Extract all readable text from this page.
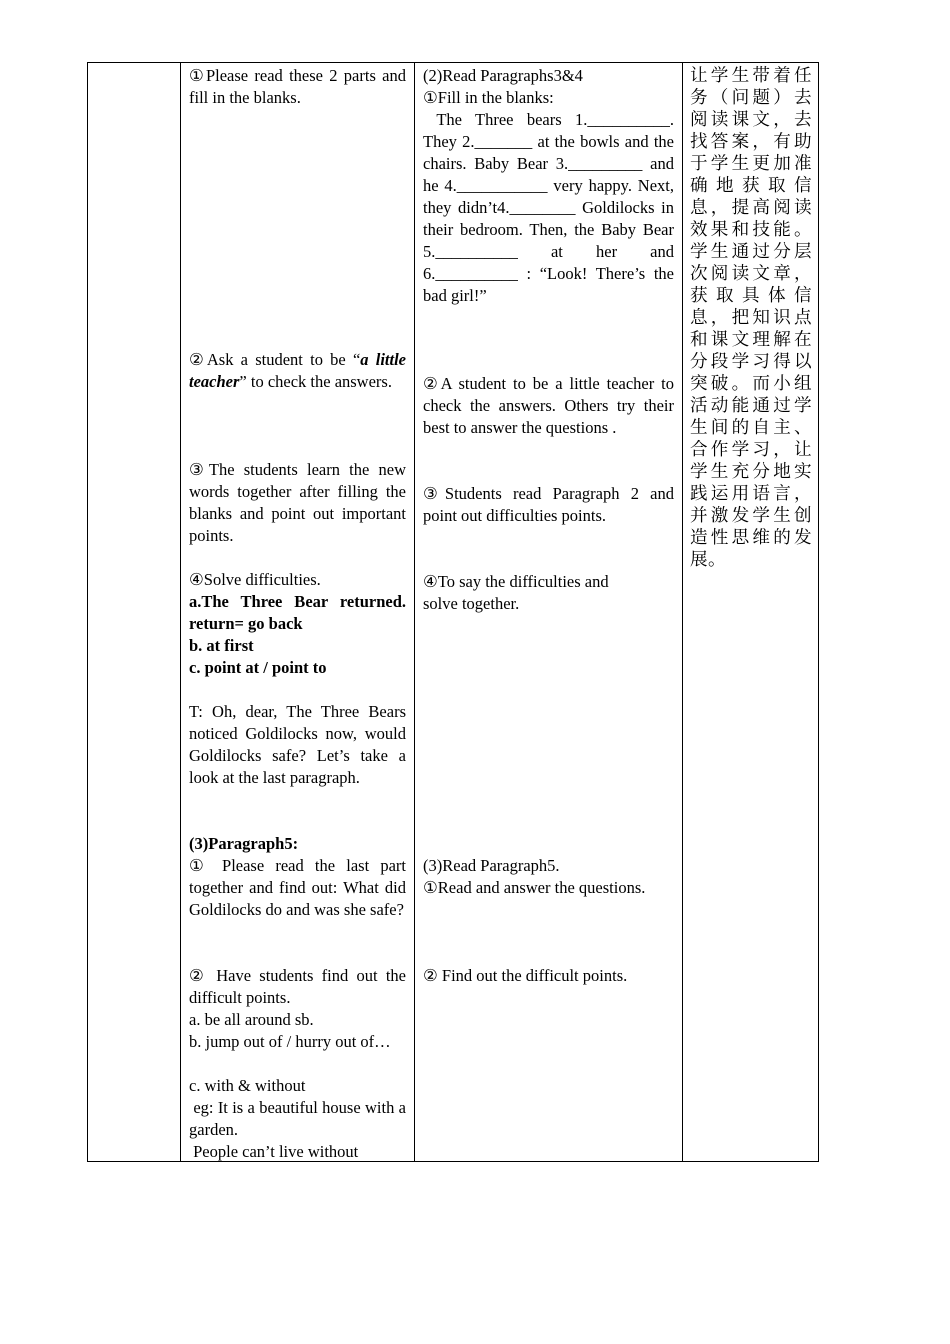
①Please read these 2 parts and fill in the blanks.

②Ask a student to be “a little teacher” to check the answers.

③The students learn the new words together after filling the blanks and point out important points.

④Solve difficulties.

a.The Three Bear returned. return= go back

b. at first

c. point at / point to

T: Oh, dear, The Three Bears noticed Goldilocks now, would Goldilocks safe? Let’s take a look at the last paragraph.

(3)Paragraph5:

① Please read the last part together and find out: What did Goldilocks do and was she safe?

② Have students find out the difficult points.

a. be all around sb.

b. jump out of / hurry out of…

c. with & without

eg: It is a beautiful house with a garden.

People can’t live without

(2)Read Paragraphs3&4

①Fill in the blanks:

The Three bears 1.__________. They 2._______ at the bowls and the chairs. Baby Bear 3._________ and he 4.___________ very happy. Next, they didn’t4.________ Goldilocks in their bedroom. Then, the Baby Bear 5.__________ at her and 6.__________ : “Look! There’s the bad girl!”

②A student to be a little teacher to check the answers. Others try their best to answer the questions .

③Students read Paragraph 2 and point out difficulties points.

④To say the difficulties and solve together.

(3)Read Paragraph5.

①Read and answer the questions.

② Find out the difficult points.

让学生带着任务（问题）去阅读课文，去找答案，有助于学生更加准确地获取信息，提高阅读效果和技能。学生通过分层次阅读文章，获取具体信息，把知识点和课文理解在分段学习得以突破。而小组活动能通过学生间的自主、合作学习，让学生充分地实践运用语言，并激发学生创造性思维的发展。
